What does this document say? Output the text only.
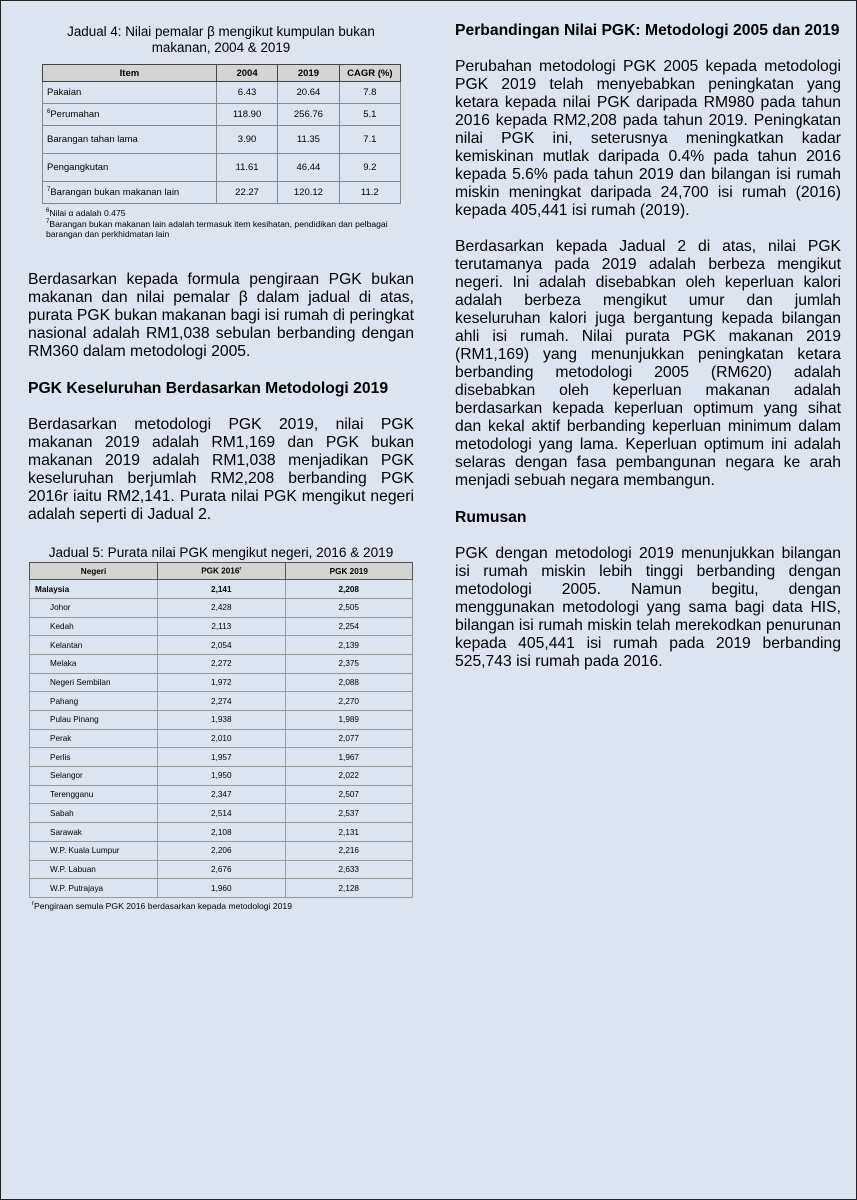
Jadual 4: Nilai pemalar β mengikut kumpulan bukan makanan, 2004 & 2019
Item	2004	2019	CAGR (%)
Pakaian	6.43	20.64	7.8
$^6$Perumahan	118.90	256.76	5.1
Barangan tahan lama	3.90	11.35	7.1
Pengangkutan	11.61	46.44	9.2
$^7$Barangan bukan makanan lain	22.27	120.12	11.2
$^6$Nilai α adalah 0.475
$^7$Barangan bukan makanan lain adalah termasuk item kesihatan, pendidikan dan pelbagai barangan dan perkhidmatan lain

Berdasarkan kepada formula pengiraan PGK bukan makanan dan nilai pemalar β dalam jadual di atas, purata PGK bukan makanan bagi isi rumah di peringkat nasional adalah RM1,038 sebulan berbanding dengan RM360 dalam metodologi 2005.

PGK Keseluruhan Berdasarkan Metodologi 2019

Berdasarkan metodologi PGK 2019, nilai PGK makanan 2019 adalah RM1,169 dan PGK bukan makanan 2019 adalah RM1,038 menjadikan PGK keseluruhan berjumlah RM2,208 berbanding PGK 2016r iaitu RM2,141. Purata nilai PGK mengikut negeri adalah seperti di Jadual 2.

Jadual 5: Purata nilai PGK mengikut negeri, 2016 & 2019
Negeri	PGK 2016$^r$	PGK 2019
Malaysia	2,141	2,208
Johor	2,428	2,505
Kedah	2,113	2,254
Kelantan	2,054	2,139
Melaka	2,272	2,375
Negeri Sembilan	1,972	2,088
Pahang	2,274	2,270
Pulau Pinang	1,938	1,989
Perak	2,010	2,077
Perlis	1,957	1,967
Selangor	1,950	2,022
Terengganu	2,347	2,507
Sabah	2,514	2,537
Sarawak	2,108	2,131
W.P. Kuala Lumpur	2,206	2,216
W.P. Labuan	2,676	2,633
W.P. Putrajaya	1,960	2,128
$^r$Pengiraan semula PGK 2016 berdasarkan kepada metodologi 2019
Perbandingan Nilai PGK: Metodologi 2005 dan 2019

Perubahan metodologi PGK 2005 kepada metodologi PGK 2019 telah menyebabkan peningkatan yang ketara kepada nilai PGK daripada RM980 pada tahun 2016 kepada RM2,208 pada tahun 2019. Peningkatan nilai PGK ini, seterusnya meningkatkan kadar kemiskinan mutlak daripada 0.4% pada tahun 2016 kepada 5.6% pada tahun 2019 dan bilangan isi rumah miskin meningkat daripada 24,700 isi rumah (2016) kepada 405,441 isi rumah (2019).

Berdasarkan kepada Jadual 2 di atas, nilai PGK terutamanya pada 2019 adalah berbeza mengikut negeri. Ini adalah disebabkan oleh keperluan kalori adalah berbeza mengikut umur dan jumlah keseluruhan kalori juga bergantung kepada bilangan ahli isi rumah. Nilai purata PGK makanan 2019 (RM1,169) yang menunjukkan peningkatan ketara berbanding metodologi 2005 (RM620) adalah disebabkan oleh keperluan makanan adalah berdasarkan kepada keperluan optimum yang sihat dan kekal aktif berbanding keperluan minimum dalam metodologi yang lama. Keperluan optimum ini adalah selaras dengan fasa pembangunan negara ke arah menjadi sebuah negara membangun.

Rumusan

PGK dengan metodologi 2019 menunjukkan bilangan isi rumah miskin lebih tinggi berbanding dengan metodologi 2005. Namun begitu, dengan menggunakan metodologi yang sama bagi data HIS, bilangan isi rumah miskin telah merekodkan penurunan kepada 405,441 isi rumah pada 2019 berbanding 525,743 isi rumah pada 2016.
